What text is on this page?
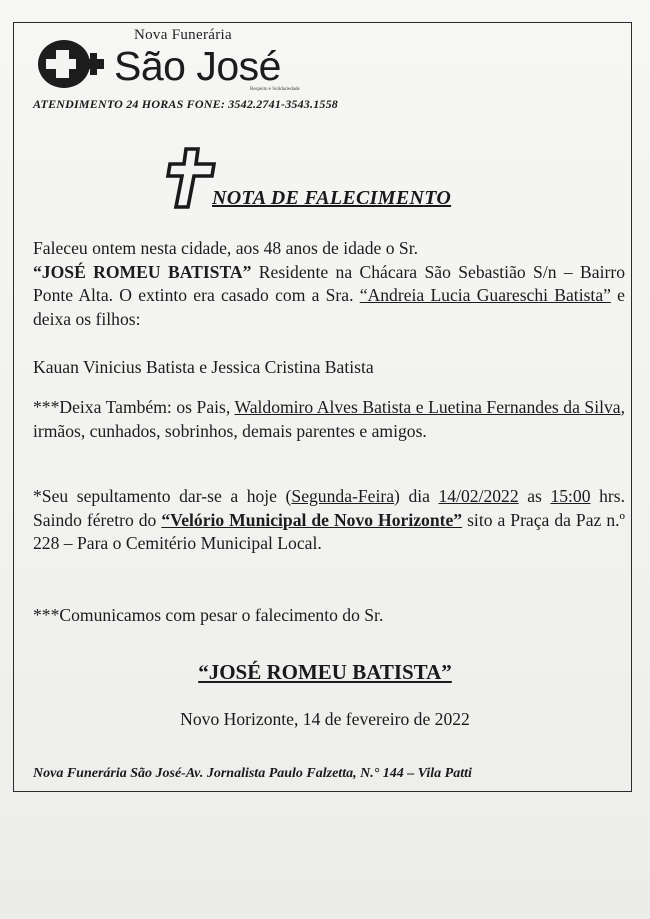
Nova Funerária
São José
Respeito e Solidariedade
ATENDIMENTO 24 HORAS FONE: 3542.2741-3543.1558
NOTA DE FALECIMENTO
Faleceu ontem nesta cidade, aos 48 anos de idade o Sr.
“JOSÉ ROMEU BATISTA” Residente na Chácara São Sebastião S/n – Bairro Ponte Alta. O extinto era casado com a Sra. “Andreia Lucia Guareschi Batista” e deixa os filhos:
Kauan Vinicius Batista e Jessica Cristina Batista
***Deixa Também: os Pais, Waldomiro Alves Batista e Luetina Fernandes da Silva, irmãos, cunhados, sobrinhos, demais parentes e amigos.
*Seu sepultamento dar-se a hoje (Segunda-Feira) dia 14/02/2022 as 15:00 hrs. Saindo féretro do “Velório Municipal de Novo Horizonte” sito a Praça da Paz n.º 228 – Para o Cemitério Municipal Local.
***Comunicamos com pesar o falecimento do Sr.
“JOSÉ ROMEU BATISTA”
Novo Horizonte, 14 de fevereiro de 2022
Nova Funerária São José-Av. Jornalista Paulo Falzetta, N.° 144 – Vila Patti
